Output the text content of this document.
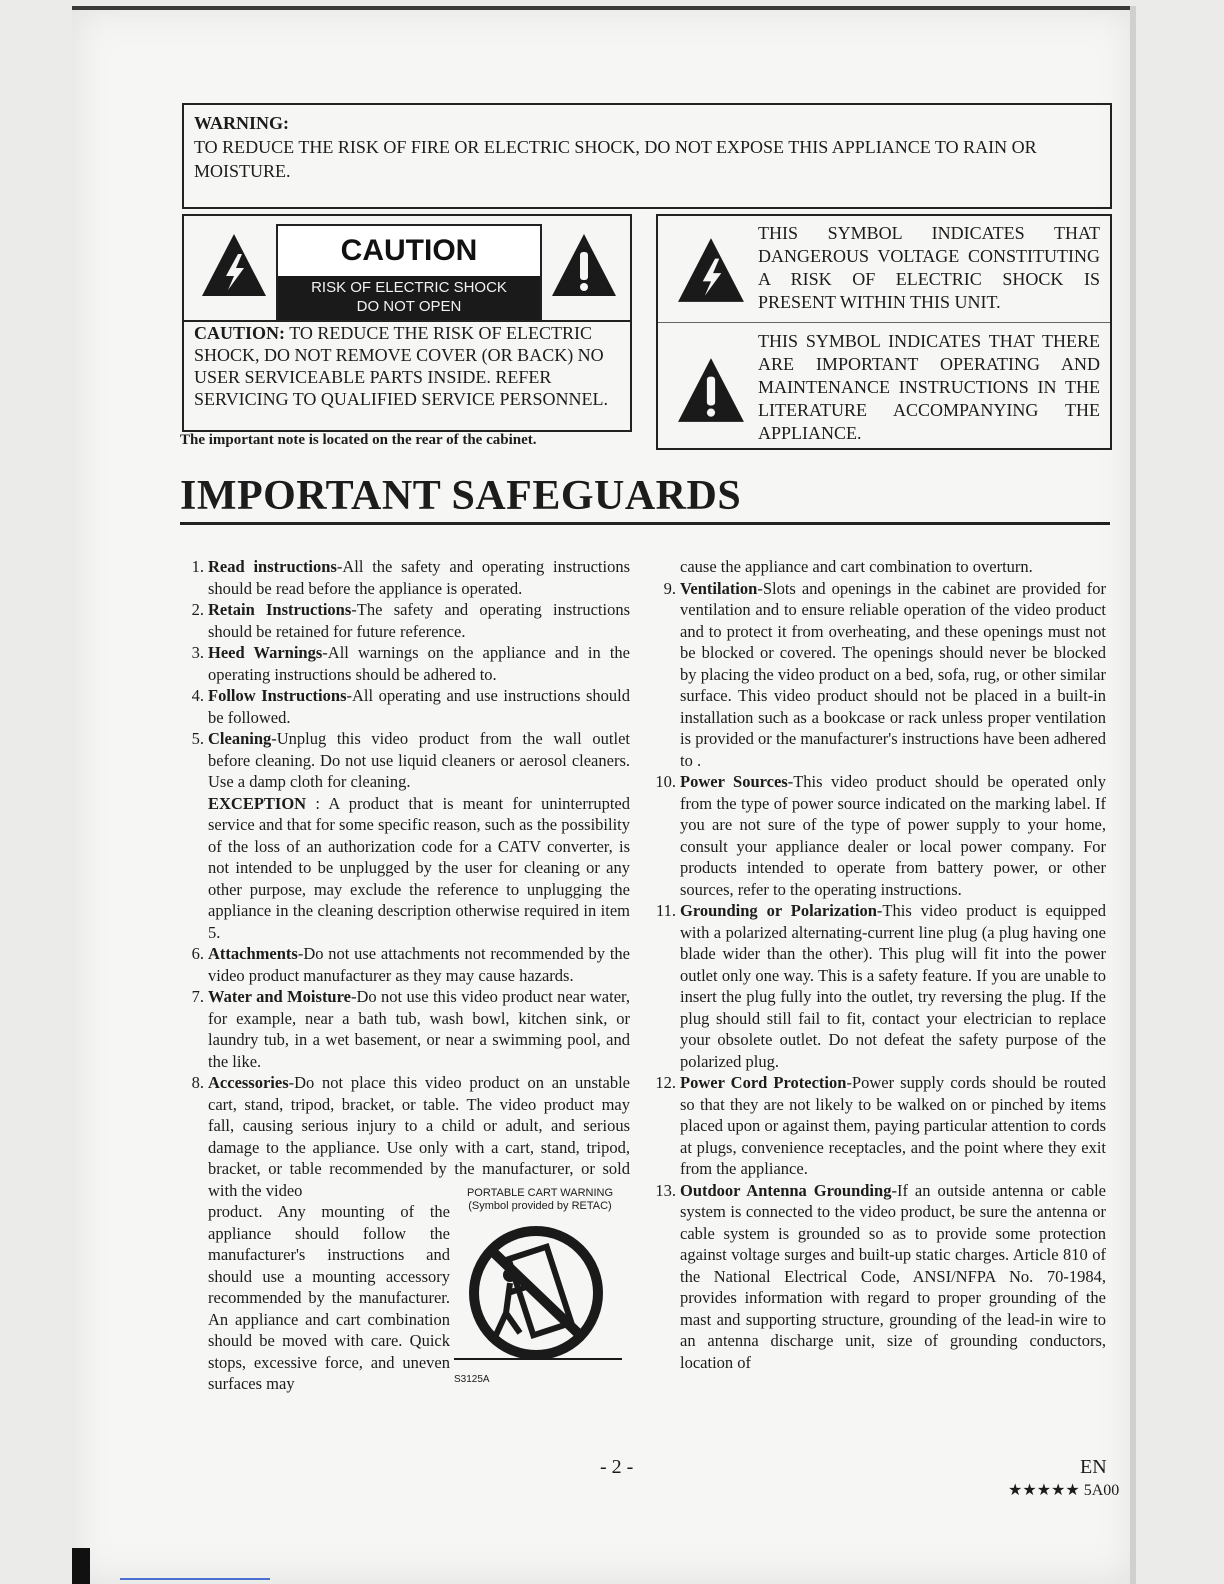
WARNING:
TO REDUCE THE RISK OF FIRE OR ELECTRIC SHOCK, DO NOT EXPOSE THIS APPLIANCE TO RAIN OR MOISTURE.
CAUTION
RISK OF ELECTRIC SHOCK
DO NOT OPEN
CAUTION: TO REDUCE THE RISK OF ELECTRIC SHOCK, DO NOT REMOVE COVER (OR BACK) NO USER SERVICEABLE PARTS INSIDE. REFER SERVICING TO QUALIFIED SERVICE PERSONNEL.
The important note is located on the rear of the cabinet.
THIS SYMBOL INDICATES THAT DANGEROUS VOLTAGE CONSTITUTING A RISK OF ELECTRIC SHOCK IS PRESENT WITHIN THIS UNIT.
THIS SYMBOL INDICATES THAT THERE ARE IMPORTANT OPERATING AND MAINTENANCE INSTRUCTIONS IN THE LITERATURE ACCOMPANYING THE APPLIANCE.
IMPORTANT SAFEGUARDS
1. Read instructions-All the safety and operating instructions should be read before the appliance is operated.
2. Retain Instructions-The safety and operating instructions should be retained for future reference.
3. Heed Warnings-All warnings on the appliance and in the operating instructions should be adhered to.
4. Follow Instructions-All operating and use instructions should be followed.
5. Cleaning-Unplug this video product from the wall outlet before cleaning. Do not use liquid cleaners or aerosol cleaners. Use a damp cloth for cleaning.
EXCEPTION : A product that is meant for uninterrupted service and that for some specific reason, such as the possibility of the loss of an authorization code for a CATV converter, is not intended to be unplugged by the user for cleaning or any other purpose, may exclude the reference to unplugging the appliance in the cleaning description otherwise required in item 5.
6. Attachments-Do not use attachments not recommended by the video product manufacturer as they may cause hazards.
7. Water and Moisture-Do not use this video product near water, for example, near a bath tub, wash bowl, kitchen sink, or laundry tub, in a wet basement, or near a swimming pool, and the like.
8. Accessories-Do not place this video product on an unstable cart, stand, tripod, bracket, or table. The video product may fall, causing serious injury to a child or adult, and serious damage to the appliance. Use only with a cart, stand, tripod, bracket, or table recommended by the manufacturer, or sold with the video
product. Any mounting of the appliance should follow the manufacturer's instructions and should use a mounting accessory recommended by the manufacturer. An appliance and cart combination should be moved with care. Quick stops, excessive force, and uneven surfaces may
PORTABLE CART WARNING
(Symbol provided by RETAC)
S3125A
cause the appliance and cart combination to overturn.
9. Ventilation-Slots and openings in the cabinet are provided for ventilation and to ensure reliable operation of the video product and to protect it from overheating, and these openings must not be blocked or covered. The openings should never be blocked by placing the video product on a bed, sofa, rug, or other similar surface. This video product should not be placed in a built-in installation such as a bookcase or rack unless proper ventilation is provided or the manufacturer's instructions have been adhered to .
10. Power Sources-This video product should be operated only from the type of power source indicated on the marking label. If you are not sure of the type of power supply to your home, consult your appliance dealer or local power company. For products intended to operate from battery power, or other sources, refer to the operating instructions.
11. Grounding or Polarization-This video product is equipped with a polarized alternating-current line plug (a plug having one blade wider than the other). This plug will fit into the power outlet only one way. This is a safety feature. If you are unable to insert the plug fully into the outlet, try reversing the plug. If the plug should still fail to fit, contact your electrician to replace your obsolete outlet. Do not defeat the safety purpose of the polarized plug.
12. Power Cord Protection-Power supply cords should be routed so that they are not likely to be walked on or pinched by items placed upon or against them, paying particular attention to cords at plugs, convenience receptacles, and the point where they exit from the appliance.
13. Outdoor Antenna Grounding-If an outside antenna or cable system is connected to the video product, be sure the antenna or cable system is grounded so as to provide some protection against voltage surges and built-up static charges. Article 810 of the National Electrical Code, ANSI/NFPA No. 70-1984, provides information with regard to proper grounding of the mast and supporting structure, grounding of the lead-in wire to an antenna discharge unit, size of grounding conductors, location of
- 2 -	EN
★★★★★ 5A00
